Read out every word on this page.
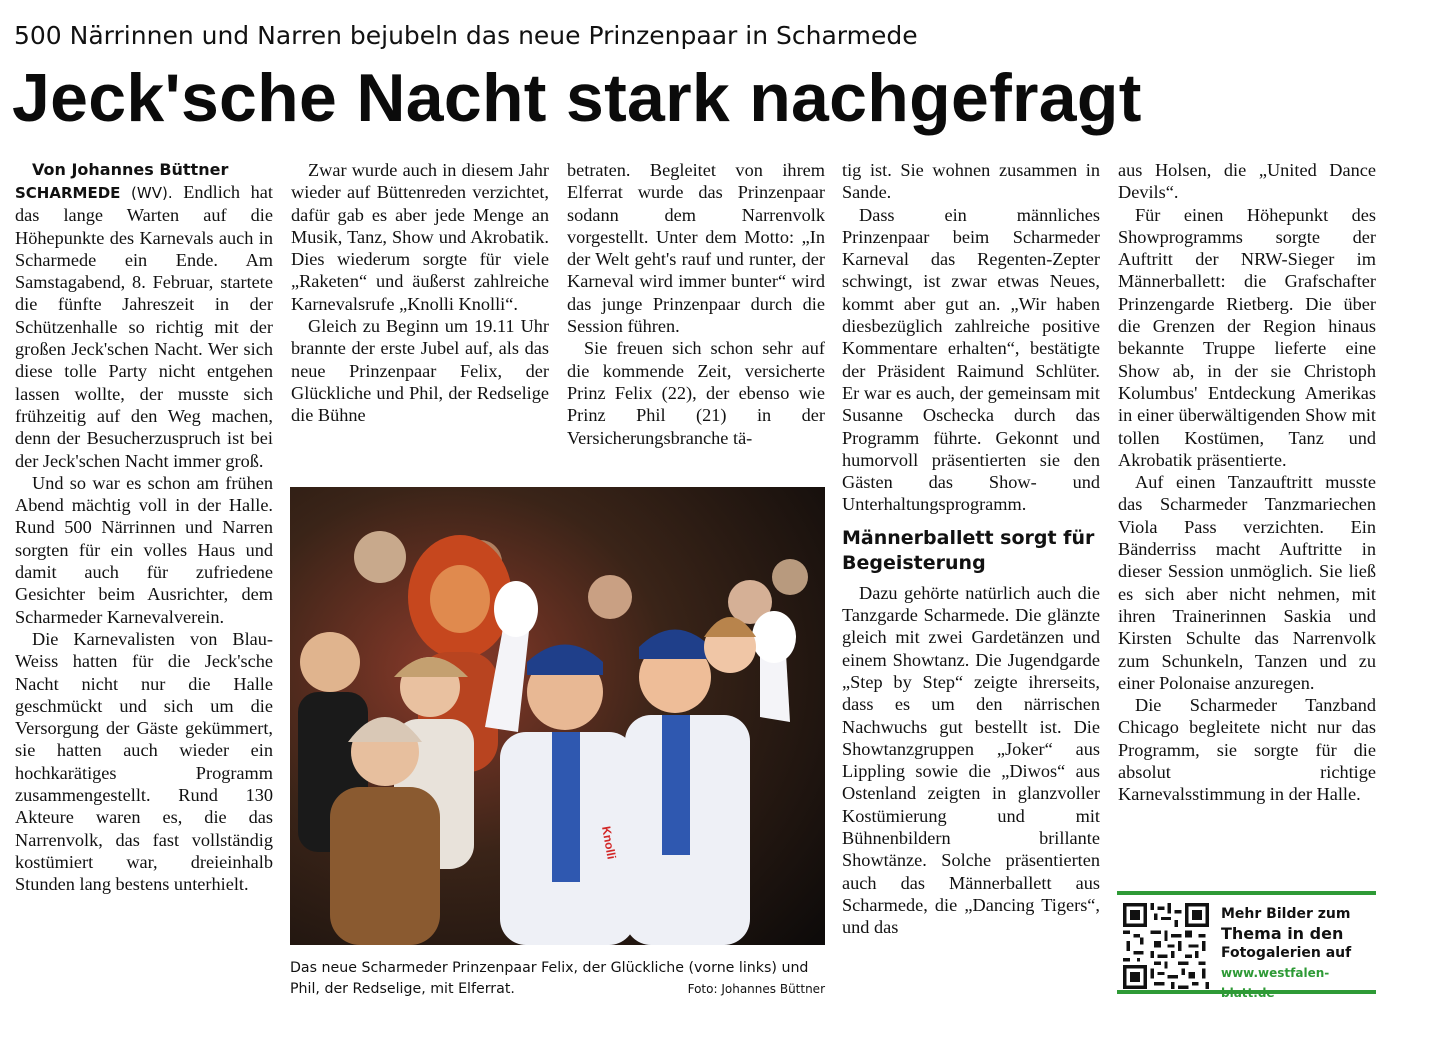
500 Närrinnen und Narren bejubeln das neue Prinzenpaar in Scharmede
Jeck'sche Nacht stark nachgefragt

Von Johannes Büttner

SCHARMEDE (WV). Endlich hat das lange Warten auf die Höhepunkte des Karnevals auch in Scharmede ein Ende. Am Samstagabend, 8. Februar, startete die fünfte Jahreszeit in der Schützenhalle so richtig mit der großen Jeck'schen Nacht. Wer sich diese tolle Party nicht entgehen lassen wollte, der musste sich frühzeitig auf den Weg machen, denn der Besucherzuspruch ist bei der Jeck'schen Nacht immer groß.

Und so war es schon am frühen Abend mächtig voll in der Halle. Rund 500 Närrinnen und Narren sorgten für ein volles Haus und damit auch für zufriedene Gesichter beim Ausrichter, dem Scharmeder Karnevalverein.

Die Karnevalisten von Blau-Weiss hatten für die Jeck'sche Nacht nicht nur die Halle geschmückt und sich um die Versorgung der Gäste gekümmert, sie hatten auch wieder ein hochkarätiges Programm zusammengestellt. Rund 130 Akteure waren es, die das Narrenvolk, das fast vollständig kostümiert war, dreieinhalb Stunden lang bestens unterhielt.

Zwar wurde auch in diesem Jahr wieder auf Büttenreden verzichtet, dafür gab es aber jede Menge an Musik, Tanz, Show und Akrobatik. Dies wiederum sorgte für viele „Raketen“ und äußerst zahlreiche Karnevalsrufe „Knolli Knolli“.

Gleich zu Beginn um 19.11 Uhr brannte der erste Jubel auf, als das neue Prinzenpaar Felix, der Glückliche und Phil, der Redselige die Bühne

betraten. Begleitet von ihrem Elferrat wurde das Prinzenpaar sodann dem Narrenvolk vorgestellt. Unter dem Motto: „In der Welt geht's rauf und runter, der Karneval wird immer bunter“ wird das junge Prinzenpaar durch die Session führen.

Sie freuen sich schon sehr auf die kommende Zeit, versicherte Prinz Felix (22), der ebenso wie Prinz Phil (21) in der Versicherungsbranche tä-

tig ist. Sie wohnen zusammen in Sande.

Dass ein männliches Prinzenpaar beim Scharmeder Karneval das Regenten-Zepter schwingt, ist zwar etwas Neues, kommt aber gut an. „Wir haben diesbezüglich zahlreiche positive Kommentare erhalten“, bestätigte der Präsident Raimund Schlüter. Er war es auch, der gemeinsam mit Susanne Oschecka durch das Programm führte. Gekonnt und humorvoll präsentierten sie den Gästen das Show- und Unterhaltungsprogramm.

Männerballett sorgt für Begeisterung

Dazu gehörte natürlich auch die Tanzgarde Scharmede. Die glänzte gleich mit zwei Gardetänzen und einem Showtanz. Die Jugendgarde „Step by Step“ zeigte ihrerseits, dass es um den närrischen Nachwuchs gut bestellt ist. Die Showtanzgruppen „Joker“ aus Lippling sowie die „Diwos“ aus Ostenland zeigten in glanzvoller Kostümierung und mit Bühnenbildern brillante Showtänze. Solche präsentierten auch das Männerballett aus Scharmede, die „Dancing Tigers“, und das

aus Holsen, die „United Dance Devils“.

Für einen Höhepunkt des Showprogramms sorgte der Auftritt der NRW-Sieger im Männerballett: die Grafschafter Prinzengarde Rietberg. Die über die Grenzen der Region hinaus bekannte Truppe lieferte eine Show ab, in der sie Christoph Kolumbus' Entdeckung Amerikas in einer überwältigenden Show mit tollen Kostümen, Tanz und Akrobatik präsentierte.

Auf einen Tanzauftritt musste das Scharmeder Tanzmariechen Viola Pass verzichten. Ein Bänderriss macht Auftritte in dieser Session unmöglich. Sie ließ es sich aber nicht nehmen, mit ihren Trainerinnen Saskia und Kirsten Schulte das Narrenvolk zum Schunkeln, Tanzen und zu einer Polonaise anzuregen.

Die Scharmeder Tanzband Chicago begleitete nicht nur das Programm, sie sorgte für die absolut richtige Karnevalsstimmung in der Halle.

Knolli
Das neue Scharmeder Prinzenpaar Felix, der Glückliche (vorne links) und Phil, der Redselige, mit Elferrat.	Foto: Johannes Büttner
Mehr Bilder zum
Thema in den
Fotogalerien auf
www.westfalen-blatt.de
